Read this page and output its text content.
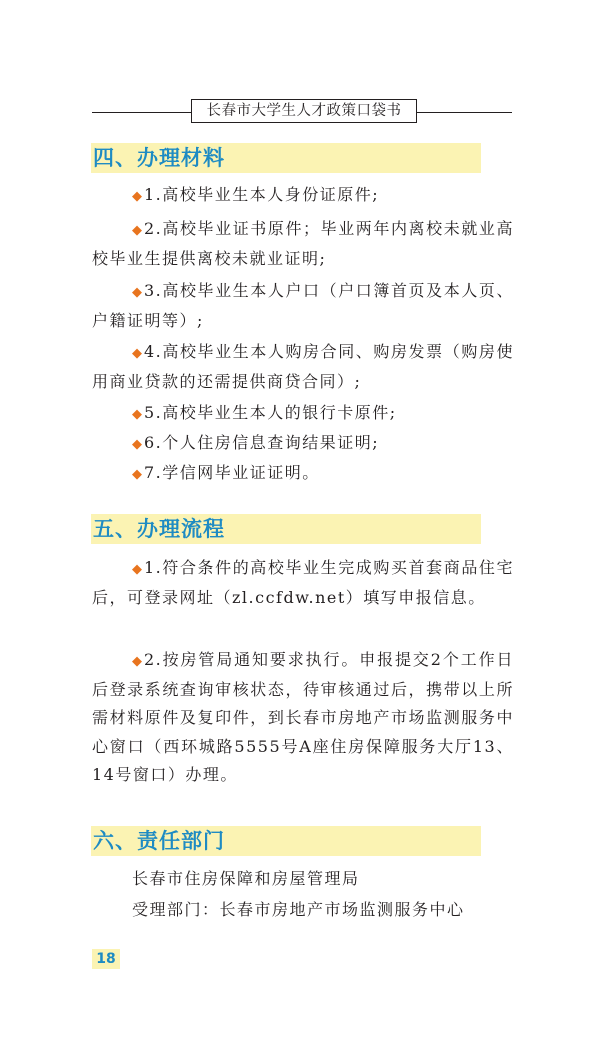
长春市大学生人才政策口袋书
四、办理材料

◆ 1.高校毕业生本人身份证原件;

◆ 2.高校毕业证书原件；毕业两年内离校未就业高校毕业生提供离校未就业证明;

◆ 3.高校毕业生本人户口（户口簿首页及本人页、户籍证明等）;

◆ 4.高校毕业生本人购房合同、购房发票（购房使用商业贷款的还需提供商贷合同）;

◆ 5.高校毕业生本人的银行卡原件;

◆ 6.个人住房信息查询结果证明;

◆ 7.学信网毕业证证明。

五、办理流程

◆ 1.符合条件的高校毕业生完成购买首套商品住宅后，可登录网址（zl.ccfdw.net）填写申报信息。

◆ 2.按房管局通知要求执行。申报提交2个工作日后登录系统查询审核状态，待审核通过后，携带以上所需材料原件及复印件，到长春市房地产市场监测服务中心窗口（西环城路5555号A座住房保障服务大厅13、14号窗口）办理。

六、责任部门

长春市住房保障和房屋管理局

受理部门：长春市房地产市场监测服务中心

18
